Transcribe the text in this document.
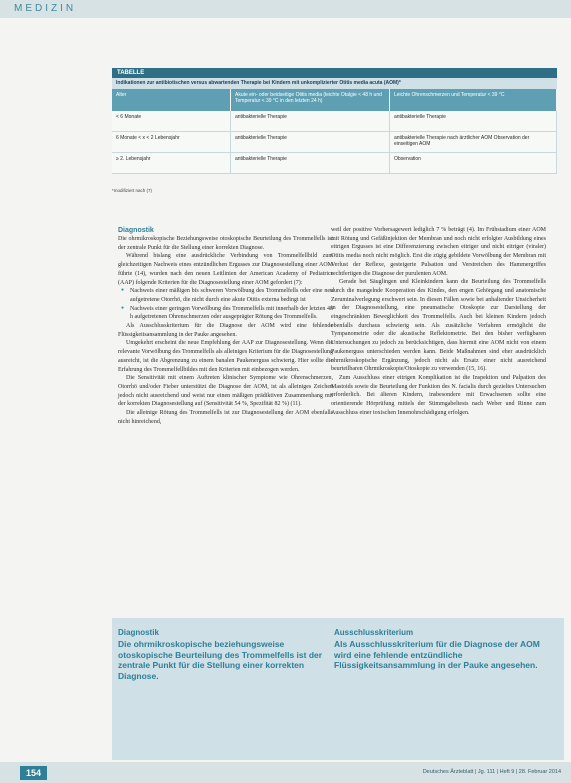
MEDIZIN
TABELLE
Indikationen zur antibiotischen versus abwartenden Therapie bei Kindern mit unkomplizierter Otitis media acuta (AOM)*
Alter	Akute ein- oder beidseitige Otitis media (leichte Otalgie < 48 h und Temperatur < 39 °C in den letzten 24 h)	Leichte Ohrenschmerzen und Temperatur < 39 °C
< 6 Monate	antibakterielle Therapie	antibakterielle Therapie
6 Monate < x < 2 Lebensjahr	antibakterielle Therapie	antibakterielle Therapie nach ärztlicher AOM Observation der einseitigen AOM
≥ 2. Lebensjahr	antibakterielle Therapie	Observation
*modifiziert nach (7)
Diagnostik

Die ohrmikroskopische Beziehungsweise otoskopische Beurteilung des Trommelfells ist der zentrale Punkt für die Stellung einer korrekten Diagnose.

Während bislang eine ausdrückliche Verbindung von Trommelfellbild zum gleichzeitigen Nachweis eines entzündlichen Ergusses zur Diagnosestellung einer AOM führte (14), wurden nach den neuen Leitlinien der American Academy of Pediatrics (AAP) folgende Kriterien für die Diagnosestellung einer AOM gefordert (7):

● Nachweis einer mäßigen bis schweren Vorwölbung des Trommelfells oder eine neu aufgetretene Otorrhö, die nicht durch eine akute Otitis externa bedingt ist
● Nachweis einer geringen Vorwölbung des Trommelfells mit innerhalb der letzten 48 h aufgetretenen Ohrenschmerzen oder ausgeprägter Rötung des Trommelfells.

Als Ausschlusskriterium für die Diagnose der AOM wird eine fehlende Flüssigkeitsansammlung in der Pauke angesehen.

Umgekehrt erscheint die neue Empfehlung der AAP zur Diagnosestellung. Wenn die relevante Vorwölbung des Trommelfells als alleiniges Kriterium für die Diagnosestellung ausreicht, ist die Abgrenzung zu einem banalen Paukenerguss schwierig. Hier sollte die Erfahrung des Trommelfellbildes mit den Kriterien mit einbezogen werden.

Die Sensitivität mit einem Auftreten klinischer Symptome wie Ohrenschmerzen, Otorrhö und/oder Fieber unterstützt die Diagnose der AOM, ist als alleiniges Zeichen jedoch nicht ausreichend und weist nur einen mäßigen prädiktiven Zusammenhang mit der korrekten Diagnosestellung auf (Sensitivität 54 %, Spezifität 82 %) (11).

Die alleinige Rötung des Trommelfells ist zur Diagnosestellung der AOM ebenfalls nicht hinreichend,

weil der positive Vorhersagewert lediglich 7 % beträgt (4). Im Frühstadium einer AOM mit Rötung und Gefäßinjektion der Membran und noch nicht erfolgter Ausbildung eines eitrigen Ergusses ist eine Differenzierung zwischen eitriger und nicht eitriger (viraler) Otitis media noch nicht möglich. Erst die zügig gebildete Vorwölbung der Membran mit Verlust der Reflexe, gesteigerte Pulsation und Verstreichen des Hammergriffes rechtfertigen die Diagnose der purulenten AOM.

Gerade bei Säuglingen und Kleinkindern kann die Beurteilung des Trommelfells durch die mangelnde Kooperation des Kindes, den engen Gehörgang und anatomische Zeruminalverlegung erschwert sein. In diesen Fällen sowie bei anhaltender Unsicherheit in der Diagnosestellung, eine pneumatische Otoskopie zur Darstellung der eingeschränkten Beweglichkeit des Trommelfells. Auch bei kleinen Kindern jedoch ebenfalls durchaus schwierig sein. Als zusätzliche Verfahren ermöglicht die Tympanometrie oder die akustische Reflektometrie. Bei den bisher verfügbaren Untersuchungen zu jedoch zu berücksichtigen, dass hiermit eine AOM nicht von einem Paukenerguss unterschieden werden kann. Beide Maßnahmen sind eher ausdrücklich ohrmikroskopische Ergänzung, jedoch nicht als Ersatz einer nicht ausreichend beurteilbaren Ohrmikroskopie/Otoskopie zu verwenden (15, 16).

Zum Ausschluss einer eitrigen Komplikation ist die Inspektion und Palpation des Mastoids sowie die Beurteilung der Funktion des N. facialis durch gezieltes Untersuchen erforderlich. Bei älteren Kindern, insbesondere mit Erwachsenen sollte eine orientierende Hörprüfung mittels der Stimmgabeltests nach Weber und Rinne zum Ausschluss einer toxischen Innenohrschädigung erfolgen.

Diagnostik
Die ohrmikroskopische beziehungsweise otoskopische Beurteilung des Trommelfells ist der zentrale Punkt für die Stellung einer korrekten Diagnose.
Ausschlusskriterium
Als Ausschlusskriterium für die Diagnose der AOM wird eine fehlende entzündliche Flüssigkeitsansammlung in der Pauke angesehen.
154	Deutsches Ärzteblatt | Jg. 111 | Heft 9 | 28. Februar 2014
